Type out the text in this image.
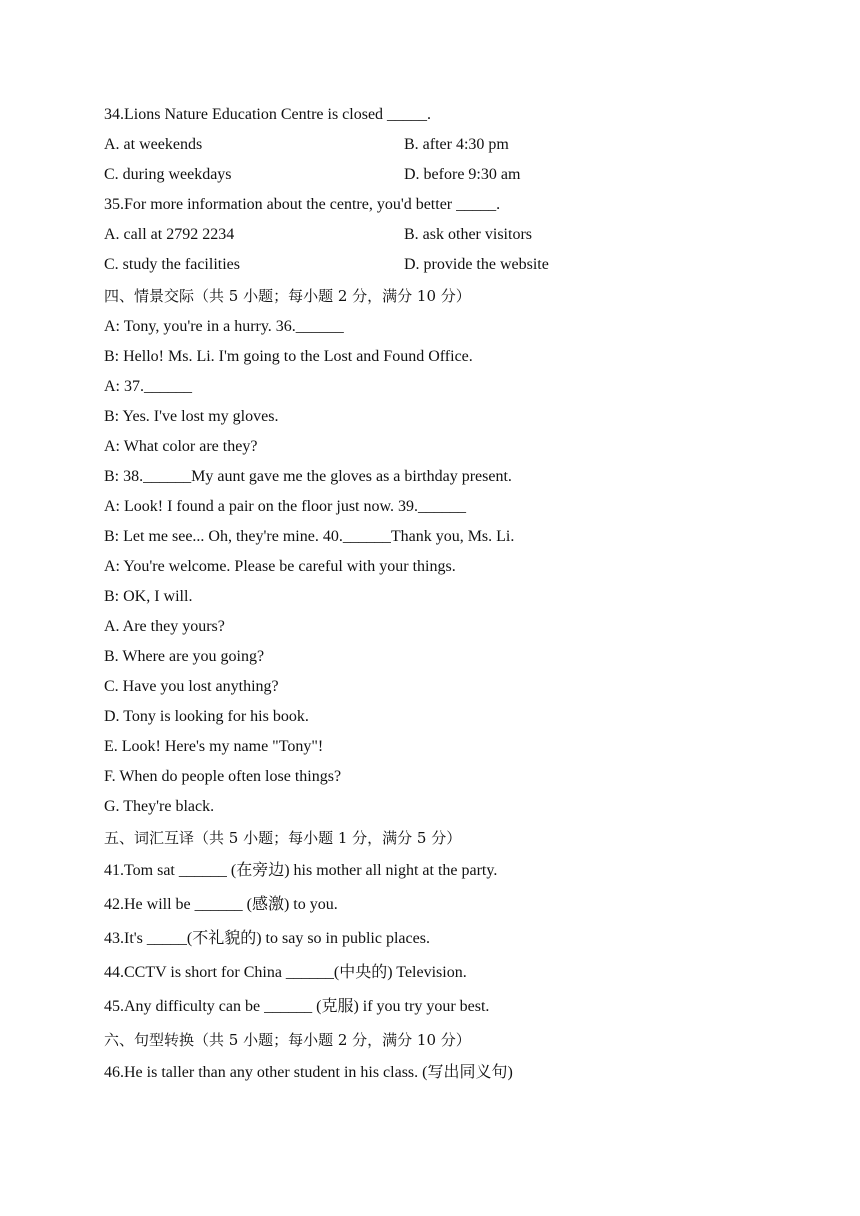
34.Lions Nature Education Centre is closed _____.
A. at weekends	B. after 4:30 pm
C. during weekdays	D. before 9:30 am
35.For more information about the centre, you'd better _____.
A. call at 2792 2234	B. ask other visitors
C. study the facilities	D. provide the website
四、情景交际（共 5 小题；每小题 2 分，满分 10 分）
A: Tony, you're in a hurry. 36.______
B: Hello! Ms. Li. I'm going to the Lost and Found Office.
A: 37.______
B: Yes. I've lost my gloves.
A: What color are they?
B: 38.______My aunt gave me the gloves as a birthday present.
A: Look! I found a pair on the floor just now. 39.______
B: Let me see... Oh, they're mine. 40.______Thank you, Ms. Li.
A: You're welcome. Please be careful with your things.
B: OK, I will.
A. Are they yours?
B. Where are you going?
C. Have you lost anything?
D. Tony is looking for his book.
E. Look! Here's my name "Tony"!
F. When do people often lose things?
G. They're black.
五、词汇互译（共 5 小题；每小题 1 分，满分 5 分）
41.Tom sat ______ (在旁边) his mother all night at the party.
42.He will be ______ (感激) to you.
43.It's _____(不礼貌的) to say so in public places.
44.CCTV is short for China ______(中央的) Television.
45.Any difficulty can be ______ (克服) if you try your best.
六、句型转换（共 5 小题；每小题 2 分，满分 10 分）
46.He is taller than any other student in his class. (写出同义句)
